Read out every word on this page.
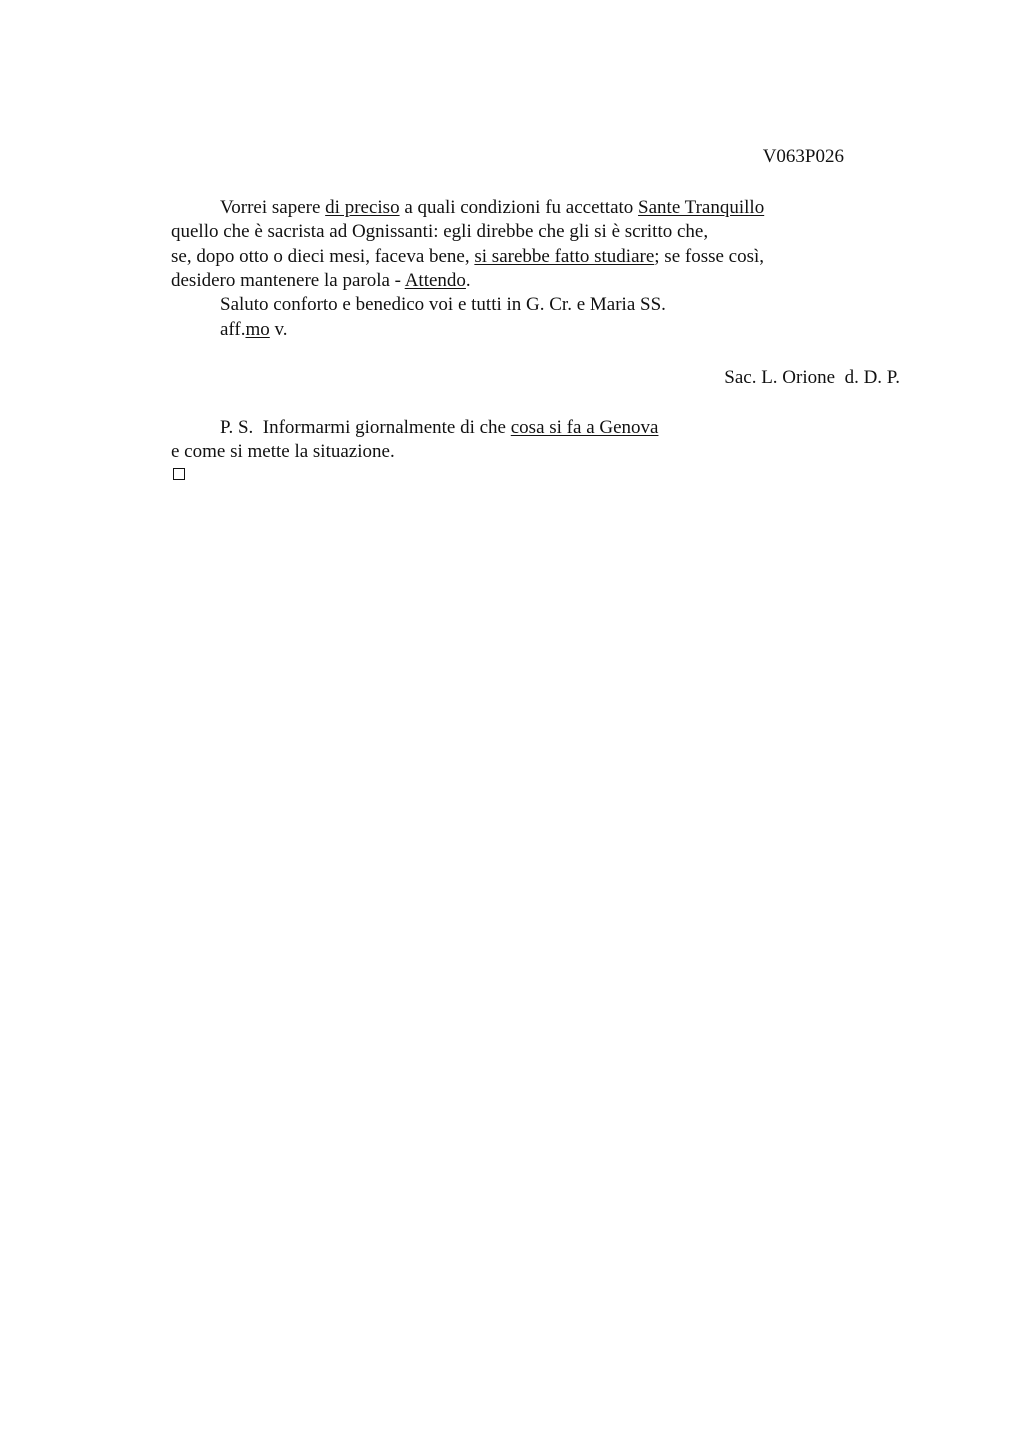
V063P026
Vorrei sapere di preciso a quali condizioni fu accettato Sante Tranquillo
quello che è sacrista ad Ognissanti: egli direbbe che gli si è scritto che,
se, dopo otto o dieci mesi, faceva bene, si sarebbe fatto studiare; se fosse così,
desidero mantenere la parola - Attendo.
Saluto conforto e benedico voi e tutti in G. Cr. e Maria SS.
aff.mo v.
Sac. L. Orione  d. D. P.
P. S.  Informarmi giornalmente di che cosa si fa a Genova
e come si mette la situazione.
